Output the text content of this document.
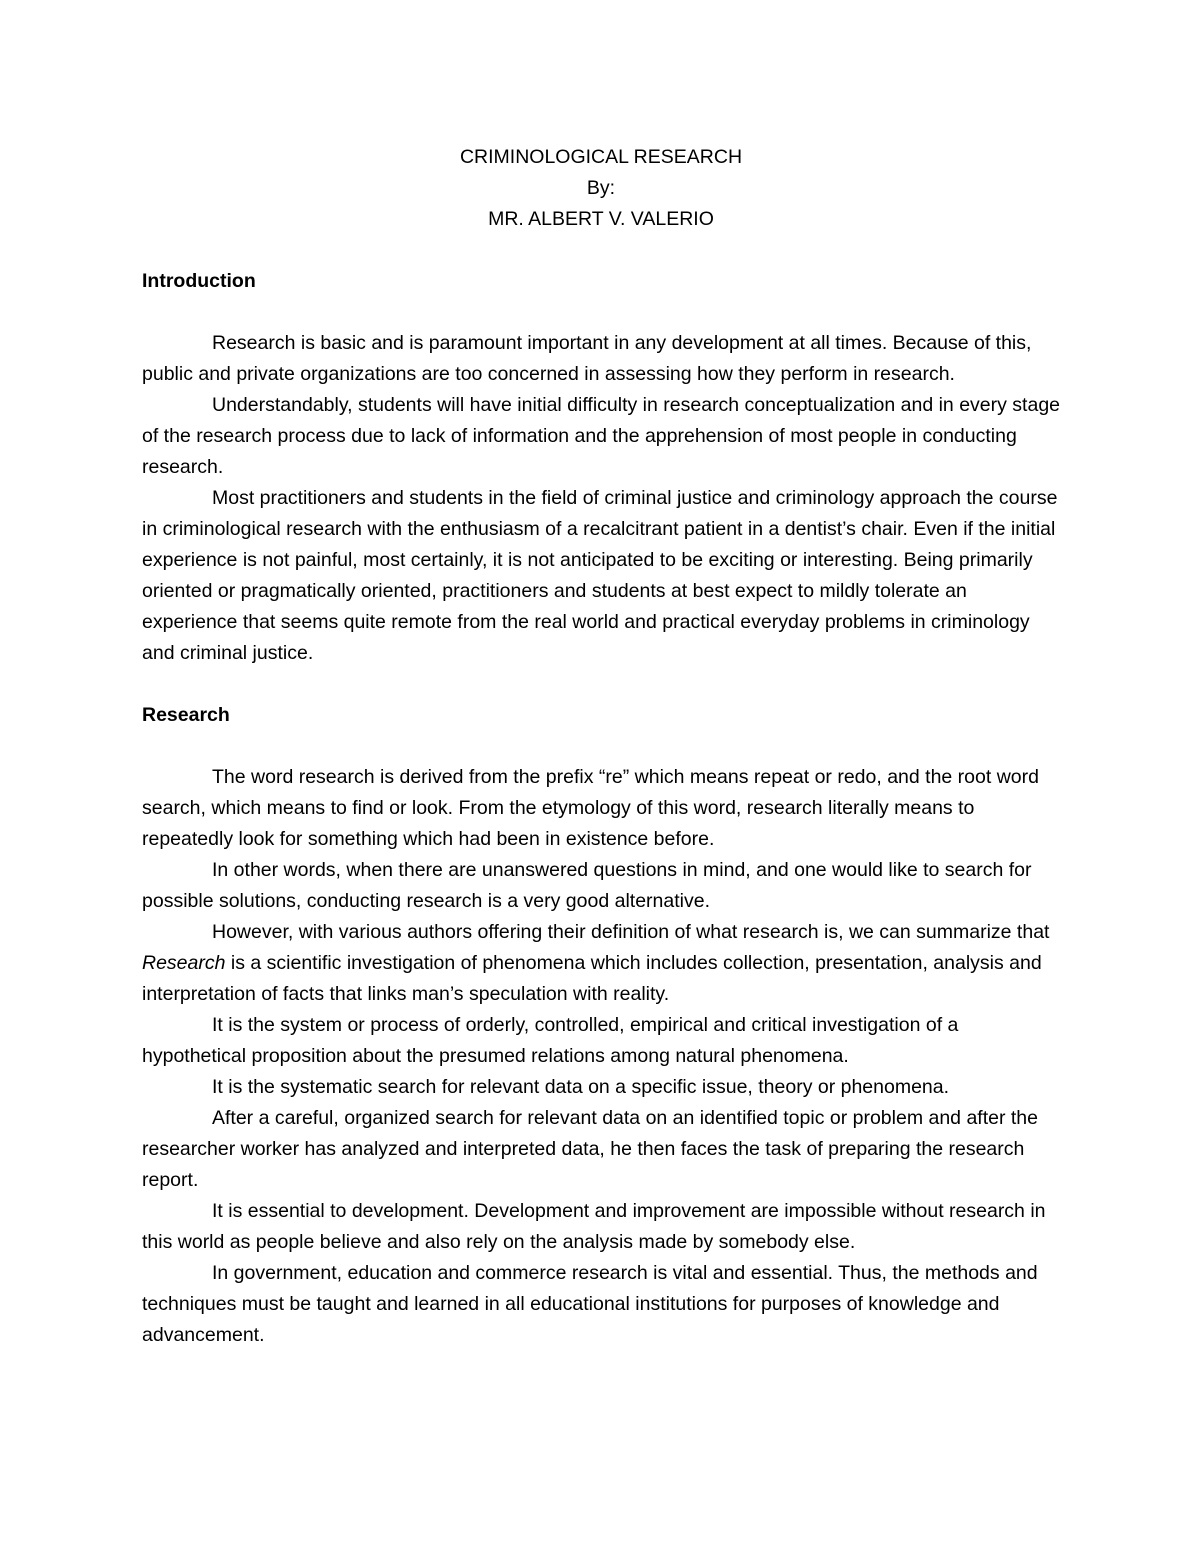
CRIMINOLOGICAL RESEARCH
By:
MR. ALBERT V. VALERIO
Introduction

Research is basic and is paramount important in any development at all times. Because of this, public and private organizations are too concerned in assessing how they perform in research.

Understandably, students will have initial difficulty in research conceptualization and in every stage of the research process due to lack of information and the apprehension of most people in conducting research.

Most practitioners and students in the field of criminal justice and criminology approach the course in criminological research with the enthusiasm of a recalcitrant patient in a dentist’s chair. Even if the initial experience is not painful, most certainly, it is not anticipated to be exciting or interesting. Being primarily oriented or pragmatically oriented, practitioners and students at best expect to mildly tolerate an experience that seems quite remote from the real world and practical everyday problems in criminology and criminal justice.

Research

The word research is derived from the prefix “re” which means repeat or redo, and the root word search, which means to find or look. From the etymology of this word, research literally means to repeatedly look for something which had been in existence before.

In other words, when there are unanswered questions in mind, and one would like to search for possible solutions, conducting research is a very good alternative.

However, with various authors offering their definition of what research is, we can summarize that Research is a scientific investigation of phenomena which includes collection, presentation, analysis and interpretation of facts that links man’s speculation with reality.

It is the system or process of orderly, controlled, empirical and critical investigation of a hypothetical proposition about the presumed relations among natural phenomena.

It is the systematic search for relevant data on a specific issue, theory or phenomena.

After a careful, organized search for relevant data on an identified topic or problem and after the researcher worker has analyzed and interpreted data, he then faces the task of preparing the research report.

It is essential to development. Development and improvement are impossible without research in this world as people believe and also rely on the analysis made by somebody else.

In government, education and commerce research is vital and essential. Thus, the methods and techniques must be taught and learned in all educational institutions for purposes of knowledge and advancement.
